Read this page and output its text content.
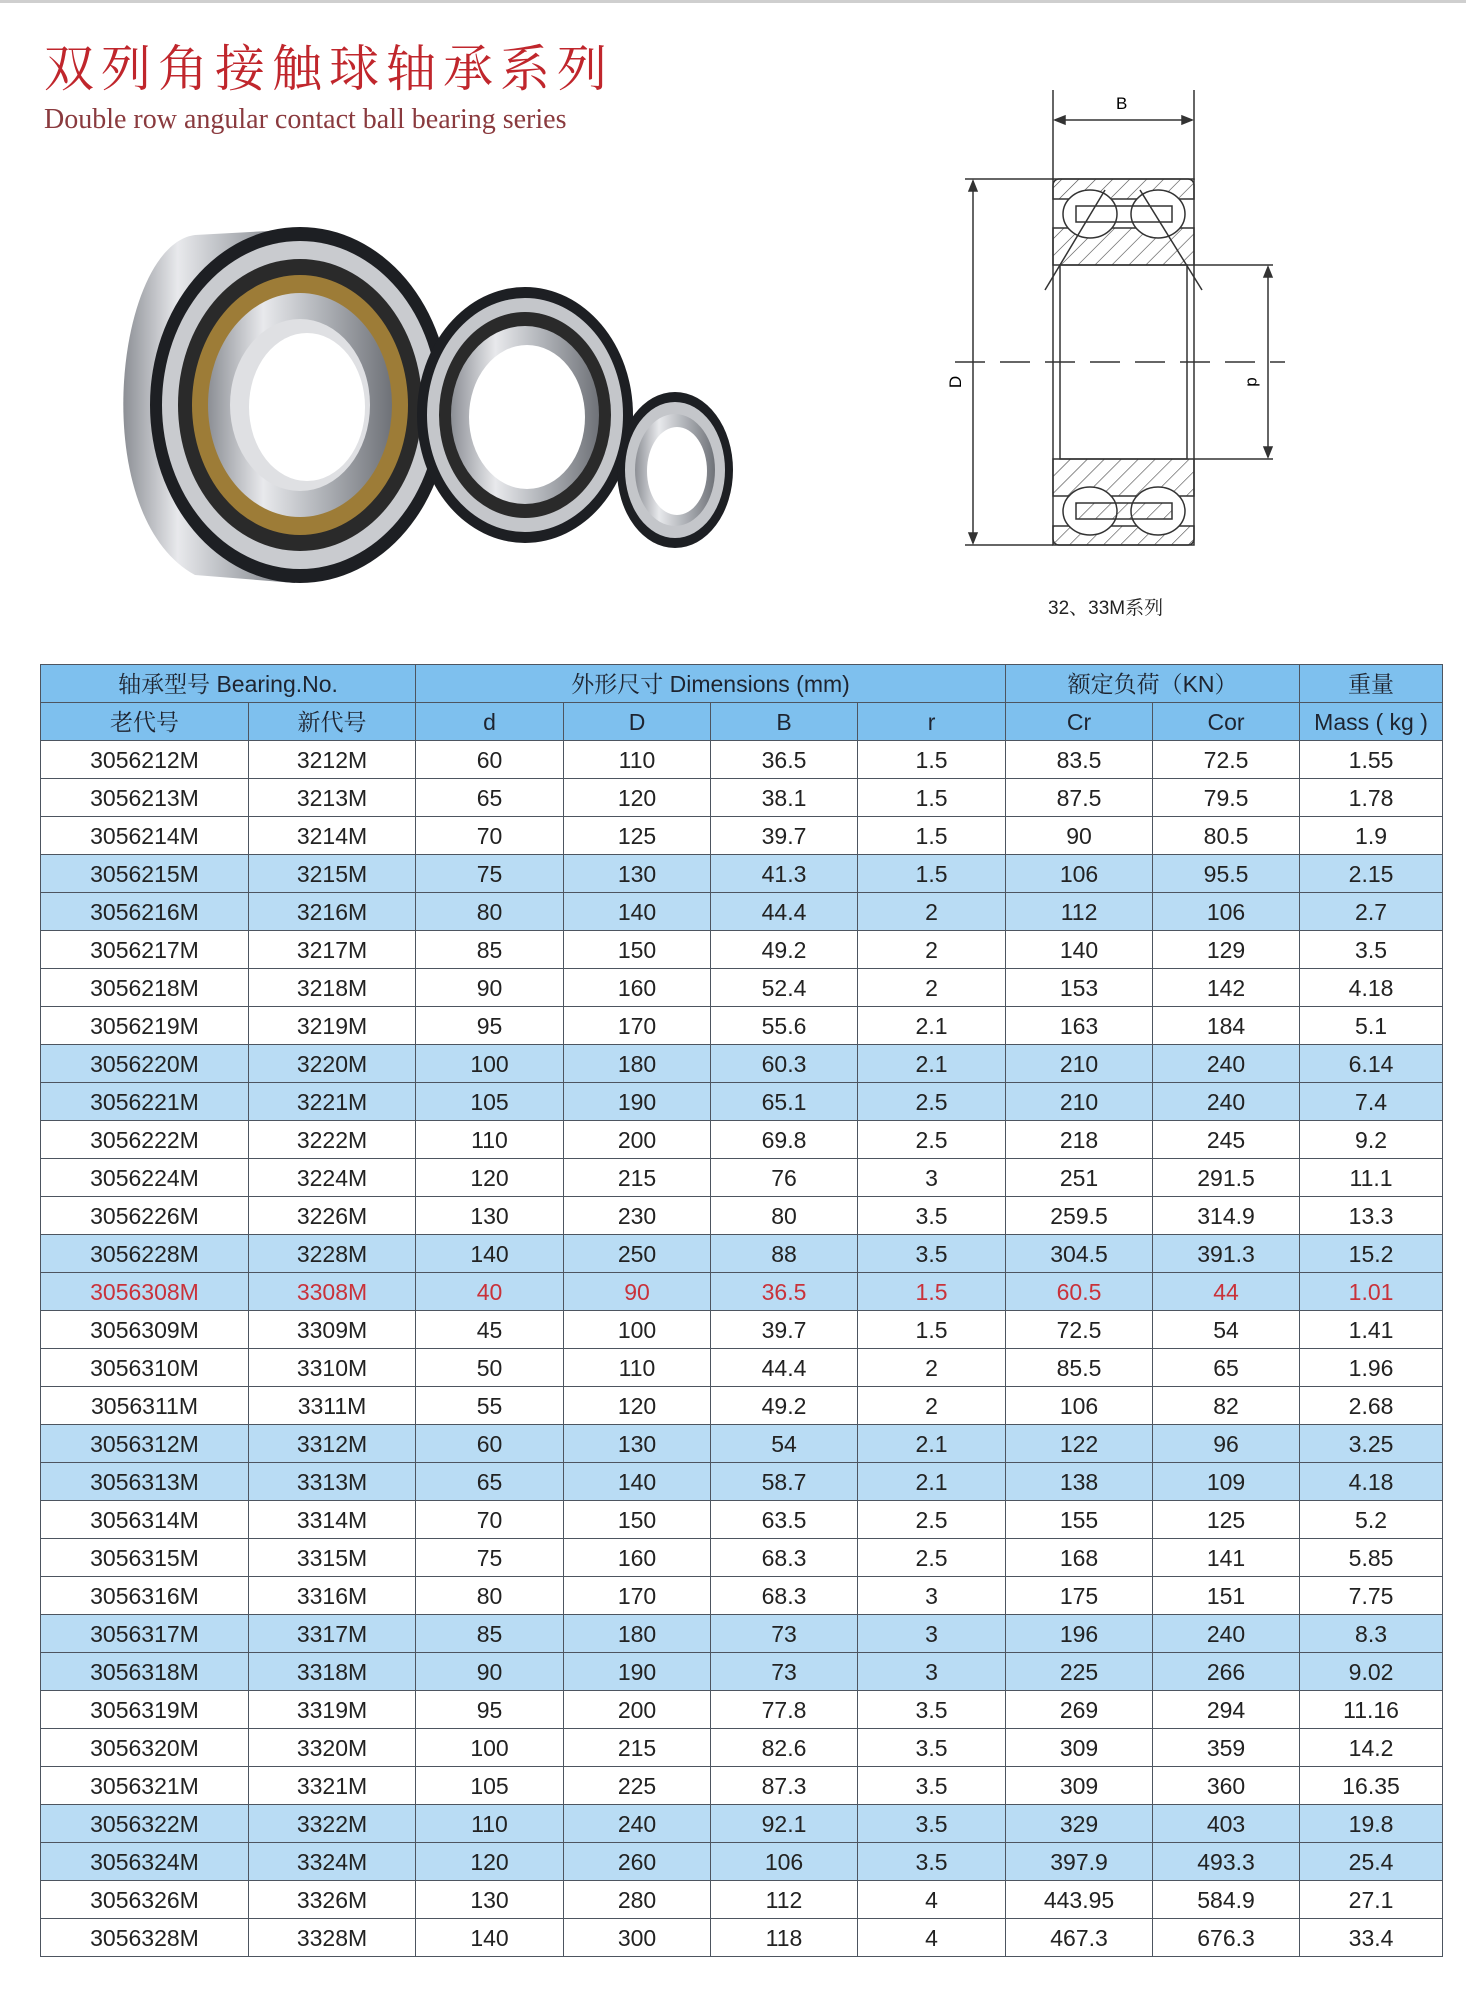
双列角接触球轴承系列
Double row angular contact ball bearing series
B
D	d
32、33M系列
轴承型号 Bearing.No.		外形尺寸 Dimensions (mm)				额定负荷（KN）		重量
老代号	新代号	d	D	B	r	Cr	Cor	Mass ( kg )
3056212M	3212M	60	110	36.5	1.5	83.5	72.5	1.55
3056213M	3213M	65	120	38.1	1.5	87.5	79.5	1.78
3056214M	3214M	70	125	39.7	1.5	90	80.5	1.9
3056215M	3215M	75	130	41.3	1.5	106	95.5	2.15
3056216M	3216M	80	140	44.4	2	112	106	2.7
3056217M	3217M	85	150	49.2	2	140	129	3.5
3056218M	3218M	90	160	52.4	2	153	142	4.18
3056219M	3219M	95	170	55.6	2.1	163	184	5.1
3056220M	3220M	100	180	60.3	2.1	210	240	6.14
3056221M	3221M	105	190	65.1	2.5	210	240	7.4
3056222M	3222M	110	200	69.8	2.5	218	245	9.2
3056224M	3224M	120	215	76	3	251	291.5	11.1
3056226M	3226M	130	230	80	3.5	259.5	314.9	13.3
3056228M	3228M	140	250	88	3.5	304.5	391.3	15.2
3056308M	3308M	40	90	36.5	1.5	60.5	44	1.01
3056309M	3309M	45	100	39.7	1.5	72.5	54	1.41
3056310M	3310M	50	110	44.4	2	85.5	65	1.96
3056311M	3311M	55	120	49.2	2	106	82	2.68
3056312M	3312M	60	130	54	2.1	122	96	3.25
3056313M	3313M	65	140	58.7	2.1	138	109	4.18
3056314M	3314M	70	150	63.5	2.5	155	125	5.2
3056315M	3315M	75	160	68.3	2.5	168	141	5.85
3056316M	3316M	80	170	68.3	3	175	151	7.75
3056317M	3317M	85	180	73	3	196	240	8.3
3056318M	3318M	90	190	73	3	225	266	9.02
3056319M	3319M	95	200	77.8	3.5	269	294	11.16
3056320M	3320M	100	215	82.6	3.5	309	359	14.2
3056321M	3321M	105	225	87.3	3.5	309	360	16.35
3056322M	3322M	110	240	92.1	3.5	329	403	19.8
3056324M	3324M	120	260	106	3.5	397.9	493.3	25.4
3056326M	3326M	130	280	112	4	443.95	584.9	27.1
3056328M	3328M	140	300	118	4	467.3	676.3	33.4
